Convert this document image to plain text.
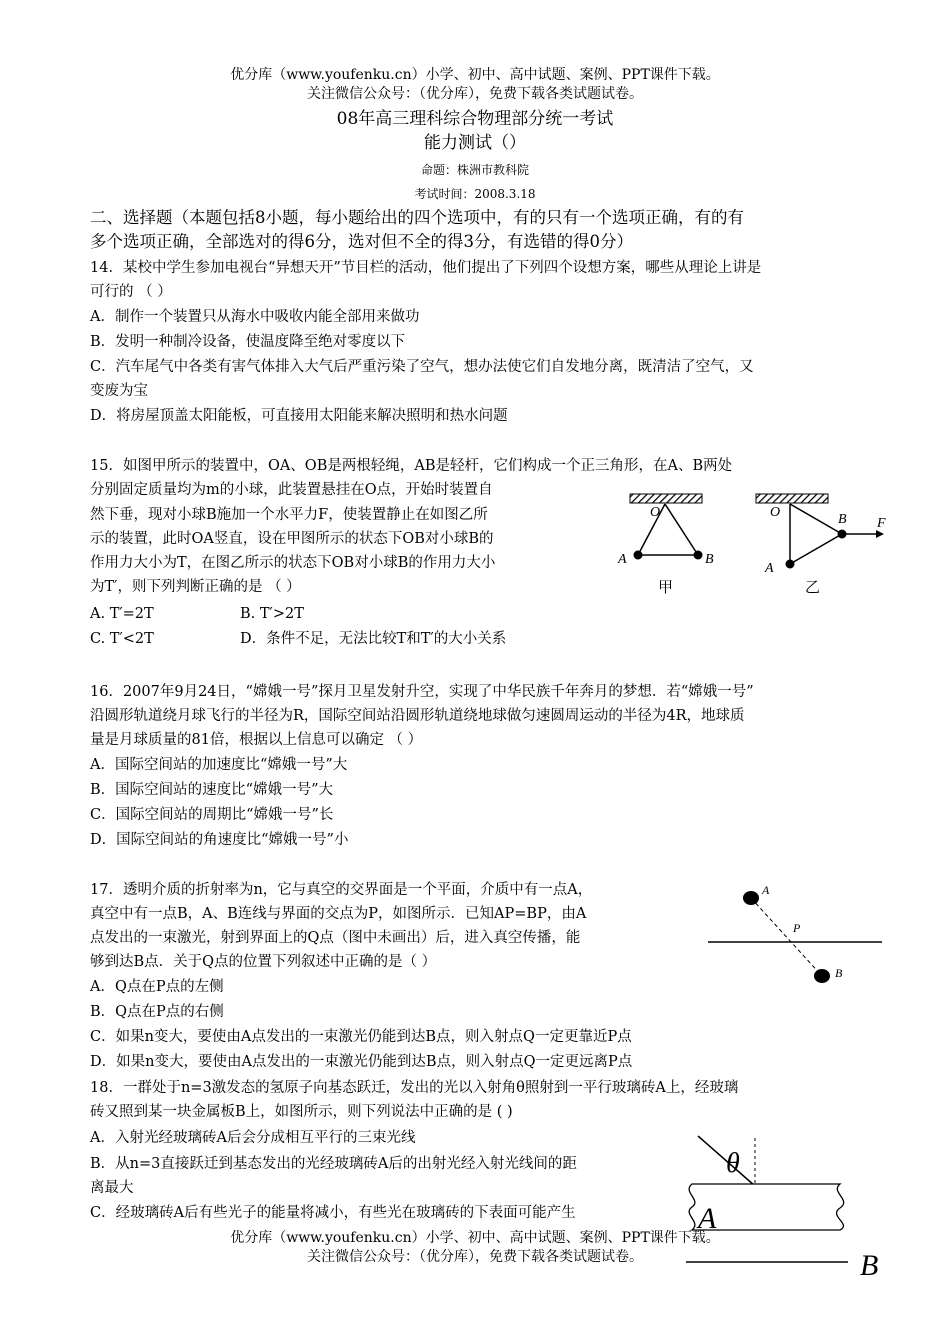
优分库（www.youfenku.cn）小学、初中、高中试题、案例、PPT课件下载。
关注微信公众号：（优分库），免费下载各类试题试卷。
08年高三理科综合物理部分统一考试
能力测试（）
命题：株洲市教科院
考试时间：2008.3.18
二、选择题（本题包括8小题，每小题给出的四个选项中，有的只有一个选项正确，有的有
多个选项正确，全部选对的得6分，选对但不全的得3分，有选错的得0分）
14．某校中学生参加电视台“异想天开”节目栏的活动，他们提出了下列四个设想方案，哪些从理论上讲是
可行的 （ ）
A．制作一个装置只从海水中吸收内能全部用来做功
B．发明一种制冷设备，使温度降至绝对零度以下
C．汽车尾气中各类有害气体排入大气后严重污染了空气，想办法使它们自发地分离，既清洁了空气，又
变废为宝
D．将房屋顶盖太阳能板，可直接用太阳能来解决照明和热水问题
15．如图甲所示的装置中，OA、OB是两根轻绳，AB是轻杆，它们构成一个正三角形，在A、B两处
分别固定质量均为m的小球，此装置悬挂在O点，开始时装置自
然下垂，现对小球B施加一个水平力F，使装置静止在如图乙所
示的装置，此时OA竖直，设在甲图所示的状态下OB对小球B的
作用力大小为T，在图乙所示的状态下OB对小球B的作用力大小
为T′，则下列判断正确的是 （ ）
A. T′=2T	B. T′>2T
C. T′<2T	D．条件不足，无法比较T和T′的大小关系
O
A	B
甲
O
A
B F
乙
16．2007年9月24日，“嫦娥一号”探月卫星发射升空，实现了中华民族千年奔月的梦想．若“嫦娥一号”
沿圆形轨道绕月球飞行的半径为R，国际空间站沿圆形轨道绕地球做匀速圆周运动的半径为4R，地球质
量是月球质量的81倍，根据以上信息可以确定 （ ）
A．国际空间站的加速度比“嫦娥一号”大
B．国际空间站的速度比“嫦娥一号”大
C．国际空间站的周期比“嫦娥一号”长
D．国际空间站的角速度比“嫦娥一号”小
17．透明介质的折射率为n，它与真空的交界面是一个平面，介质中有一点A，
真空中有一点B，A、B连线与界面的交点为P，如图所示．已知AP=BP，由A
点发出的一束激光，射到界面上的Q点（图中未画出）后，进入真空传播，能
够到达B点．关于Q点的位置下列叙述中正确的是（ ）
A．Q点在P点的左侧
B．Q点在P点的右侧
C．如果n变大，要使由A点发出的一束激光仍能到达B点，则入射点Q一定更靠近P点
D．如果n变大，要使由A点发出的一束激光仍能到达B点，则入射点Q一定更远离P点
A
P
B
18．一群处于n=3激发态的氢原子向基态跃迁，发出的光以入射角θ照射到一平行玻璃砖A上，经玻璃
砖又照到某一块金属板B上，如图所示，则下列说法中正确的是 ( )
A．入射光经玻璃砖A后会分成相互平行的三束光线
B．从n=3直接跃迁到基态发出的光经玻璃砖A后的出射光经入射光线间的距
离最大
C．经玻璃砖A后有些光子的能量将减小，有些光在玻璃砖的下表面可能产生
θ
A
B
优分库（www.youfenku.cn）小学、初中、高中试题、案例、PPT课件下载。
关注微信公众号：（优分库），免费下载各类试题试卷。
